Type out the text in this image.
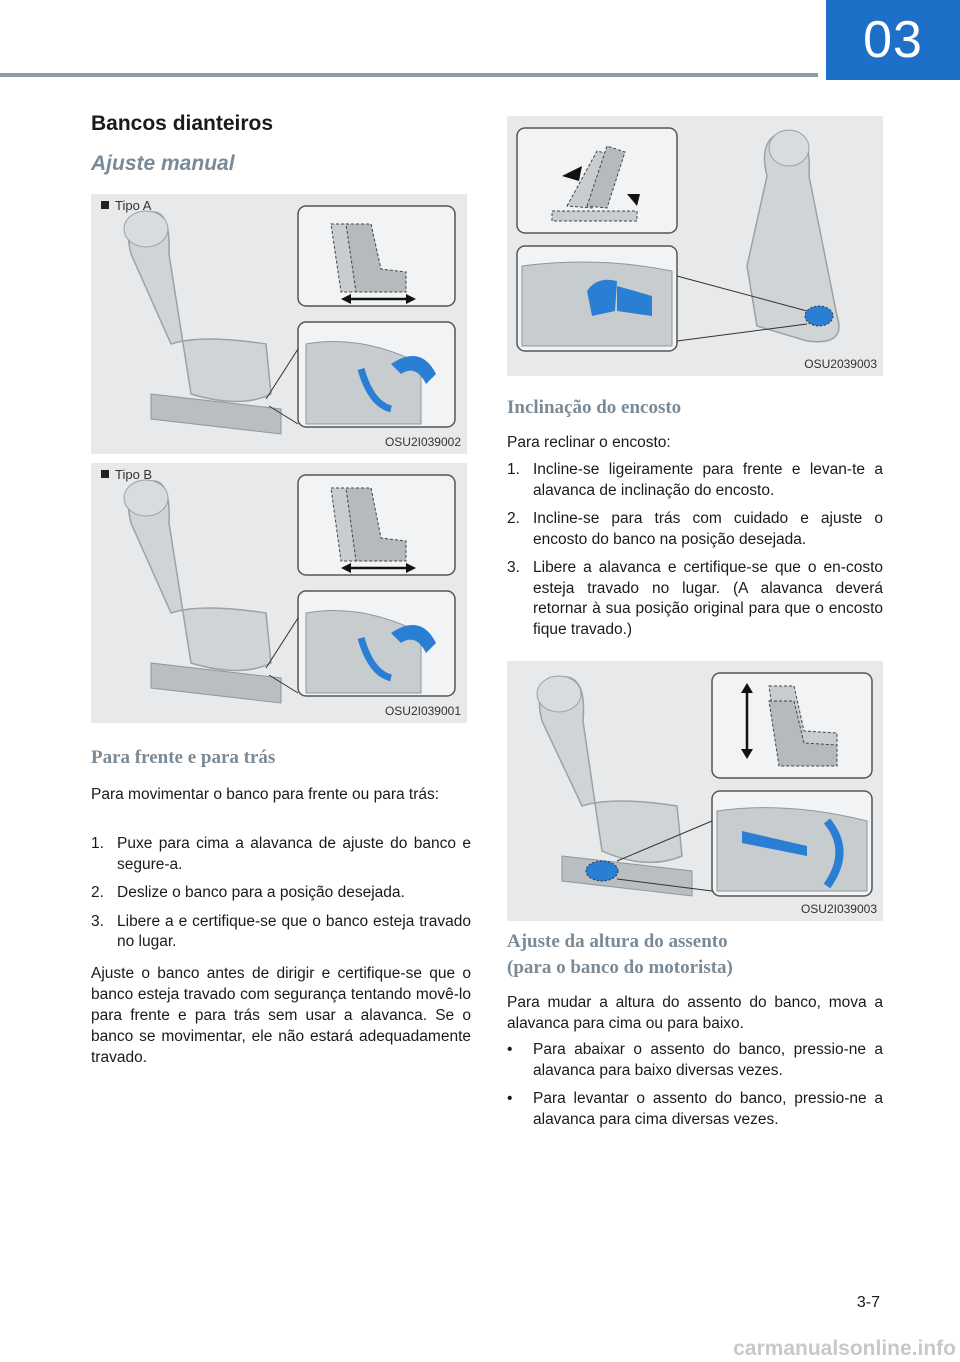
03
Bancos dianteiros
Ajuste manual
Tipo A
OSU2I039002
Tipo B
OSU2I039001
Para frente e para trás

Para movimentar o banco para frente ou para trás:

1. Puxe para cima a alavanca de ajuste do banco e segure-a.
2. Deslize o banco para a posição desejada.
3. Libere a e certifique-se que o banco esteja travado no lugar.

Ajuste o banco antes de dirigir e certifique-se que o banco esteja travado com segurança tentando movê-lo para frente e para trás sem usar a alavanca. Se o banco se movimentar, ele não estará adequadamente travado.

OSU2039003
Inclinação do encosto

Para reclinar o encosto:

1. Incline-se ligeiramente para frente e levan-te a alavanca de inclinação do encosto.
2. Incline-se para trás com cuidado e ajuste o encosto do banco na posição desejada.
3. Libere a alavanca e certifique-se que o en-costo esteja travado no lugar. (A alavanca deverá retornar à sua posição original para que o encosto fique travado.)
OSU2I039003
Ajuste da altura do assento
(para o banco do motorista)

Para mudar a altura do assento do banco, mova a alavanca para cima ou para baixo.

• Para abaixar o assento do banco, pressio-ne a alavanca para baixo diversas vezes.
• Para levantar o assento do banco, pressio-ne a alavanca para cima diversas vezes.
3-7
carmanualsonline.info
